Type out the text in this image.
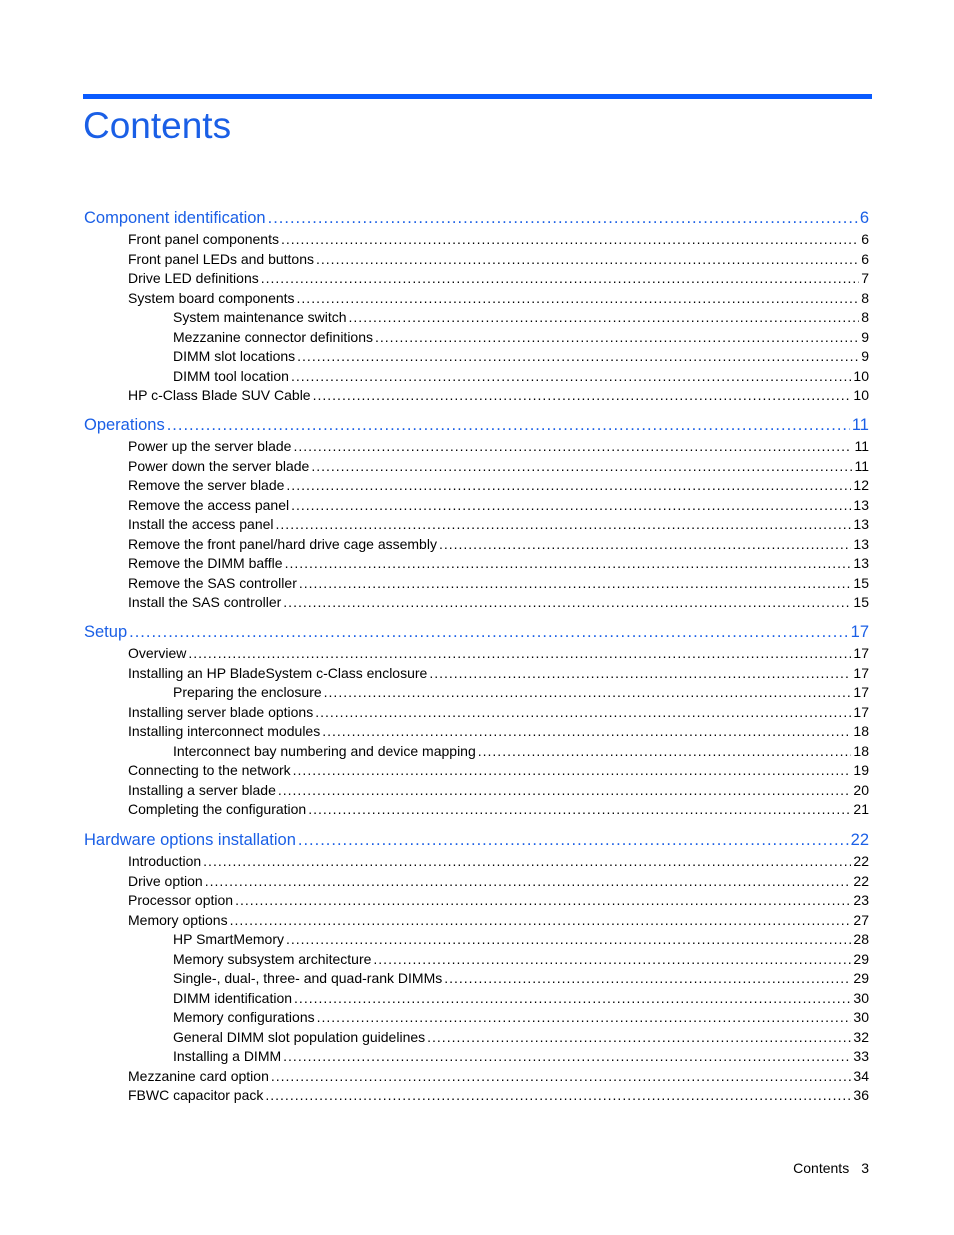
Contents
Component identification .....	6
Front panel components .....	6
Front panel LEDs and buttons .....	6
Drive LED definitions .....	7
System board components .....	8
System maintenance switch .....	8
Mezzanine connector definitions .....	9
DIMM slot locations .....	9
DIMM tool location .....	10
HP c-Class Blade SUV Cable .....	10
Operations .....	11
Power up the server blade .....	11
Power down the server blade .....	11
Remove the server blade .....	12
Remove the access panel .....	13
Install the access panel .....	13
Remove the front panel/hard drive cage assembly .....	13
Remove the DIMM baffle .....	13
Remove the SAS controller .....	15
Install the SAS controller .....	15
Setup .....	17
Overview .....	17
Installing an HP BladeSystem c-Class enclosure .....	17
Preparing the enclosure .....	17
Installing server blade options .....	17
Installing interconnect modules .....	18
Interconnect bay numbering and device mapping .....	18
Connecting to the network .....	19
Installing a server blade .....	20
Completing the configuration .....	21
Hardware options installation .....	22
Introduction .....	22
Drive option .....	22
Processor option .....	23
Memory options .....	27
HP SmartMemory .....	28
Memory subsystem architecture .....	29
Single-, dual-, three- and quad-rank DIMMs .....	29
DIMM identification .....	30
Memory configurations .....	30
General DIMM slot population guidelines .....	32
Installing a DIMM .....	33
Mezzanine card option .....	34
FBWC capacitor pack .....	36
Contents 3
